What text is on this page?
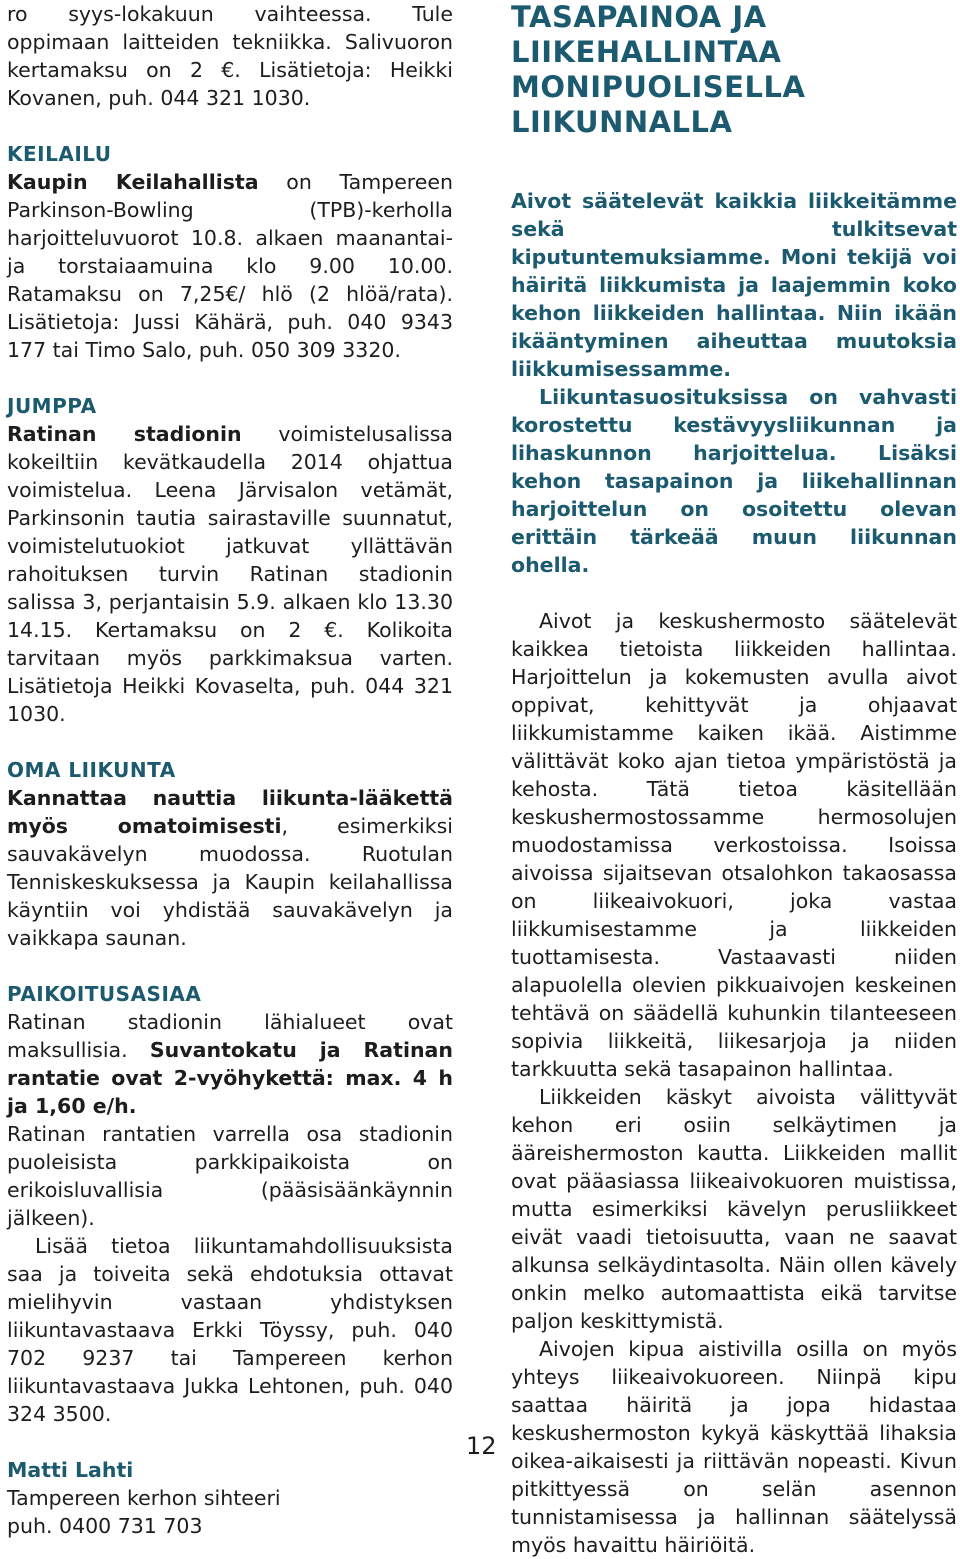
ro syys-lokakuun vaihteessa. Tule oppimaan laitteiden tekniikka. Salivuoron kertamaksu on 2 €. Lisätietoja: Heikki Kovanen, puh. 044 321 1030.

KEILAILU

Kaupin Keilahallista on Tampereen Parkinson-Bowling (TPB)-kerholla harjoitteluvuorot 10.8. alkaen maanantai- ja torstaiaamuina klo 9.00 10.00. Ratamaksu on 7,25€/ hlö (2 hlöä/rata). Lisätietoja: Jussi Kähärä, puh. 040 9343 177 tai Timo Salo, puh. 050 309 3320.

JUMPPA

Ratinan stadionin voimistelusalissa kokeiltiin kevätkaudella 2014 ohjattua voimistelua. Leena Järvisalon vetämät, Parkinsonin tautia sairastaville suunnatut, voimistelutuokiot jatkuvat yllättävän rahoituksen turvin Ratinan stadionin salissa 3, perjantaisin 5.9. alkaen klo 13.30 14.15. Kertamaksu on 2 €. Kolikoita tarvitaan myös parkkimaksua varten. Lisätietoja Heikki Kovaselta, puh. 044 321 1030.

OMA LIIKUNTA

Kannattaa nauttia liikunta-lääkettä myös omatoimisesti, esimerkiksi sauvakävelyn muodossa. Ruotulan Tenniskeskuksessa ja Kaupin keilahallissa käyntiin voi yhdistää sauvakävelyn ja vaikkapa saunan.

PAIKOITUSASIAA

Ratinan stadionin lähialueet ovat maksullisia. Suvantokatu ja Ratinan rantatie ovat 2-vyöhykettä: max. 4 h ja 1,60 e/h.

Ratinan rantatien varrella osa stadionin puoleisista parkkipaikoista on erikoisluvallisia (pääsisäänkäynnin jälkeen).

Lisää tietoa liikuntamahdollisuuksista saa ja toiveita sekä ehdotuksia ottavat mielihyvin vastaan yhdistyksen liikuntavastaava Erkki Töyssy, puh. 040 702 9237 tai Tampereen kerhon liikuntavastaava Jukka Lehtonen, puh. 040 324 3500.

Matti Lahti

Tampereen kerhon sihteeri

puh. 0400 731 703

TASAPAINOA JA
LIIKEHALLINTAA
MONIPUOLISELLA
LIIKUNNALLA

Aivot säätelevät kaikkia liikkeitämme sekä tulkitsevat kiputuntemuksiamme. Moni tekijä voi häiritä liikkumista ja laajemmin koko kehon liikkeiden hallintaa. Niin ikään ikääntyminen aiheuttaa muutoksia liikkumisessamme.

Liikuntasuosituksissa on vahvasti korostettu kestävyysliikunnan ja lihaskunnon harjoittelua. Lisäksi kehon tasapainon ja liikehallinnan harjoittelun on osoitettu olevan erittäin tärkeää muun liikunnan ohella.

Aivot ja keskushermosto säätelevät kaikkea tietoista liikkeiden hallintaa. Harjoittelun ja kokemusten avulla aivot oppivat, kehittyvät ja ohjaavat liikkumistamme kaiken ikää. Aistimme välittävät koko ajan tietoa ympäristöstä ja kehosta. Tätä tietoa käsitellään keskushermostossamme hermosolujen muodostamissa verkostoissa. Isoissa aivoissa sijaitsevan otsalohkon takaosassa on liikeaivokuori, joka vastaa liikkumisestamme ja liikkeiden tuottamisesta. Vastaavasti niiden alapuolella olevien pikkuaivojen keskeinen tehtävä on säädellä kuhunkin tilanteeseen sopivia liikkeitä, liikesarjoja ja niiden tarkkuutta sekä tasapainon hallintaa.

Liikkeiden käskyt aivoista välittyvät kehon eri osiin selkäytimen ja ääreishermoston kautta. Liikkeiden mallit ovat pääasiassa liikeaivokuoren muistissa, mutta esimerkiksi kävelyn perusliikkeet eivät vaadi tietoisuutta, vaan ne saavat alkunsa selkäydintasolta. Näin ollen kävely onkin melko automaattista eikä tarvitse paljon keskittymistä.

Aivojen kipua aistivilla osilla on myös yhteys liikeaivokuoreen. Niinpä kipu saattaa häiritä ja jopa hidastaa keskushermoston kykyä käskyttää lihaksia oikea-aikaisesti ja riittävän nopeasti. Kivun pitkittyessä on selän asennon tunnistamisessa ja hallinnan säätelyssä myös havaittu häiriöitä.

12
